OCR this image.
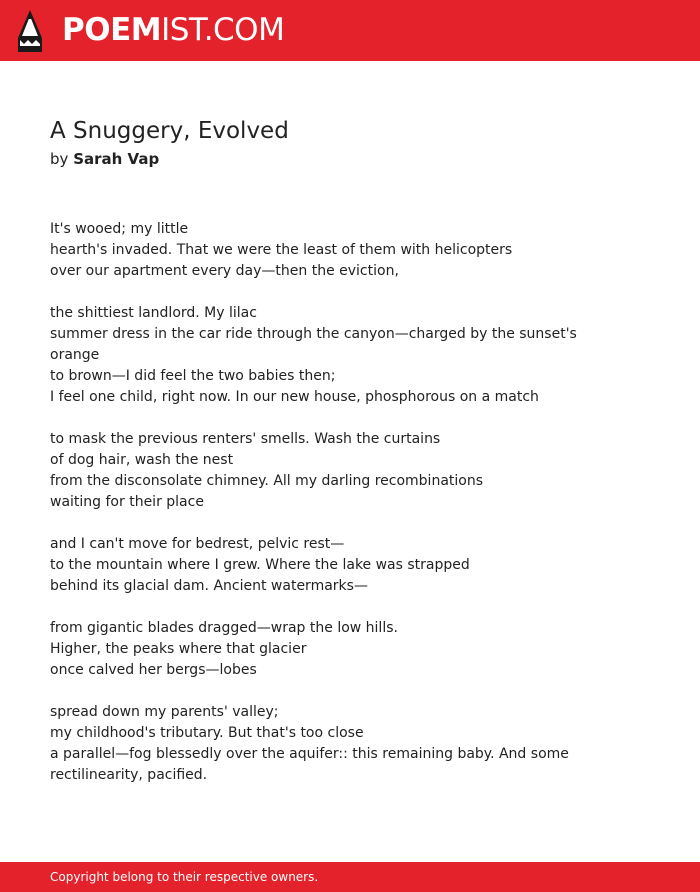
POEMIST.COM
A Snuggery, Evolved
by Sarah Vap
It's wooed; my little
hearth's invaded. That we were the least of them with helicopters
over our apartment every day—then the eviction,
the shittiest landlord. My lilac
summer dress in the car ride through the canyon—charged by the sunset's
orange
to brown—I did feel the two babies then;
I feel one child, right now. In our new house, phosphorous on a match
to mask the previous renters' smells. Wash the curtains
of dog hair, wash the nest
from the disconsolate chimney. All my darling recombinations
waiting for their place
and I can't move for bedrest, pelvic rest—
to the mountain where I grew. Where the lake was strapped
behind its glacial dam. Ancient watermarks—
from gigantic blades dragged—wrap the low hills.
Higher, the peaks where that glacier
once calved her bergs—lobes
spread down my parents' valley;
my childhood's tributary. But that's too close
a parallel—fog blessedly over the aquifer:: this remaining baby. And some
rectilinearity, pacified.
Copyright belong to their respective owners.
